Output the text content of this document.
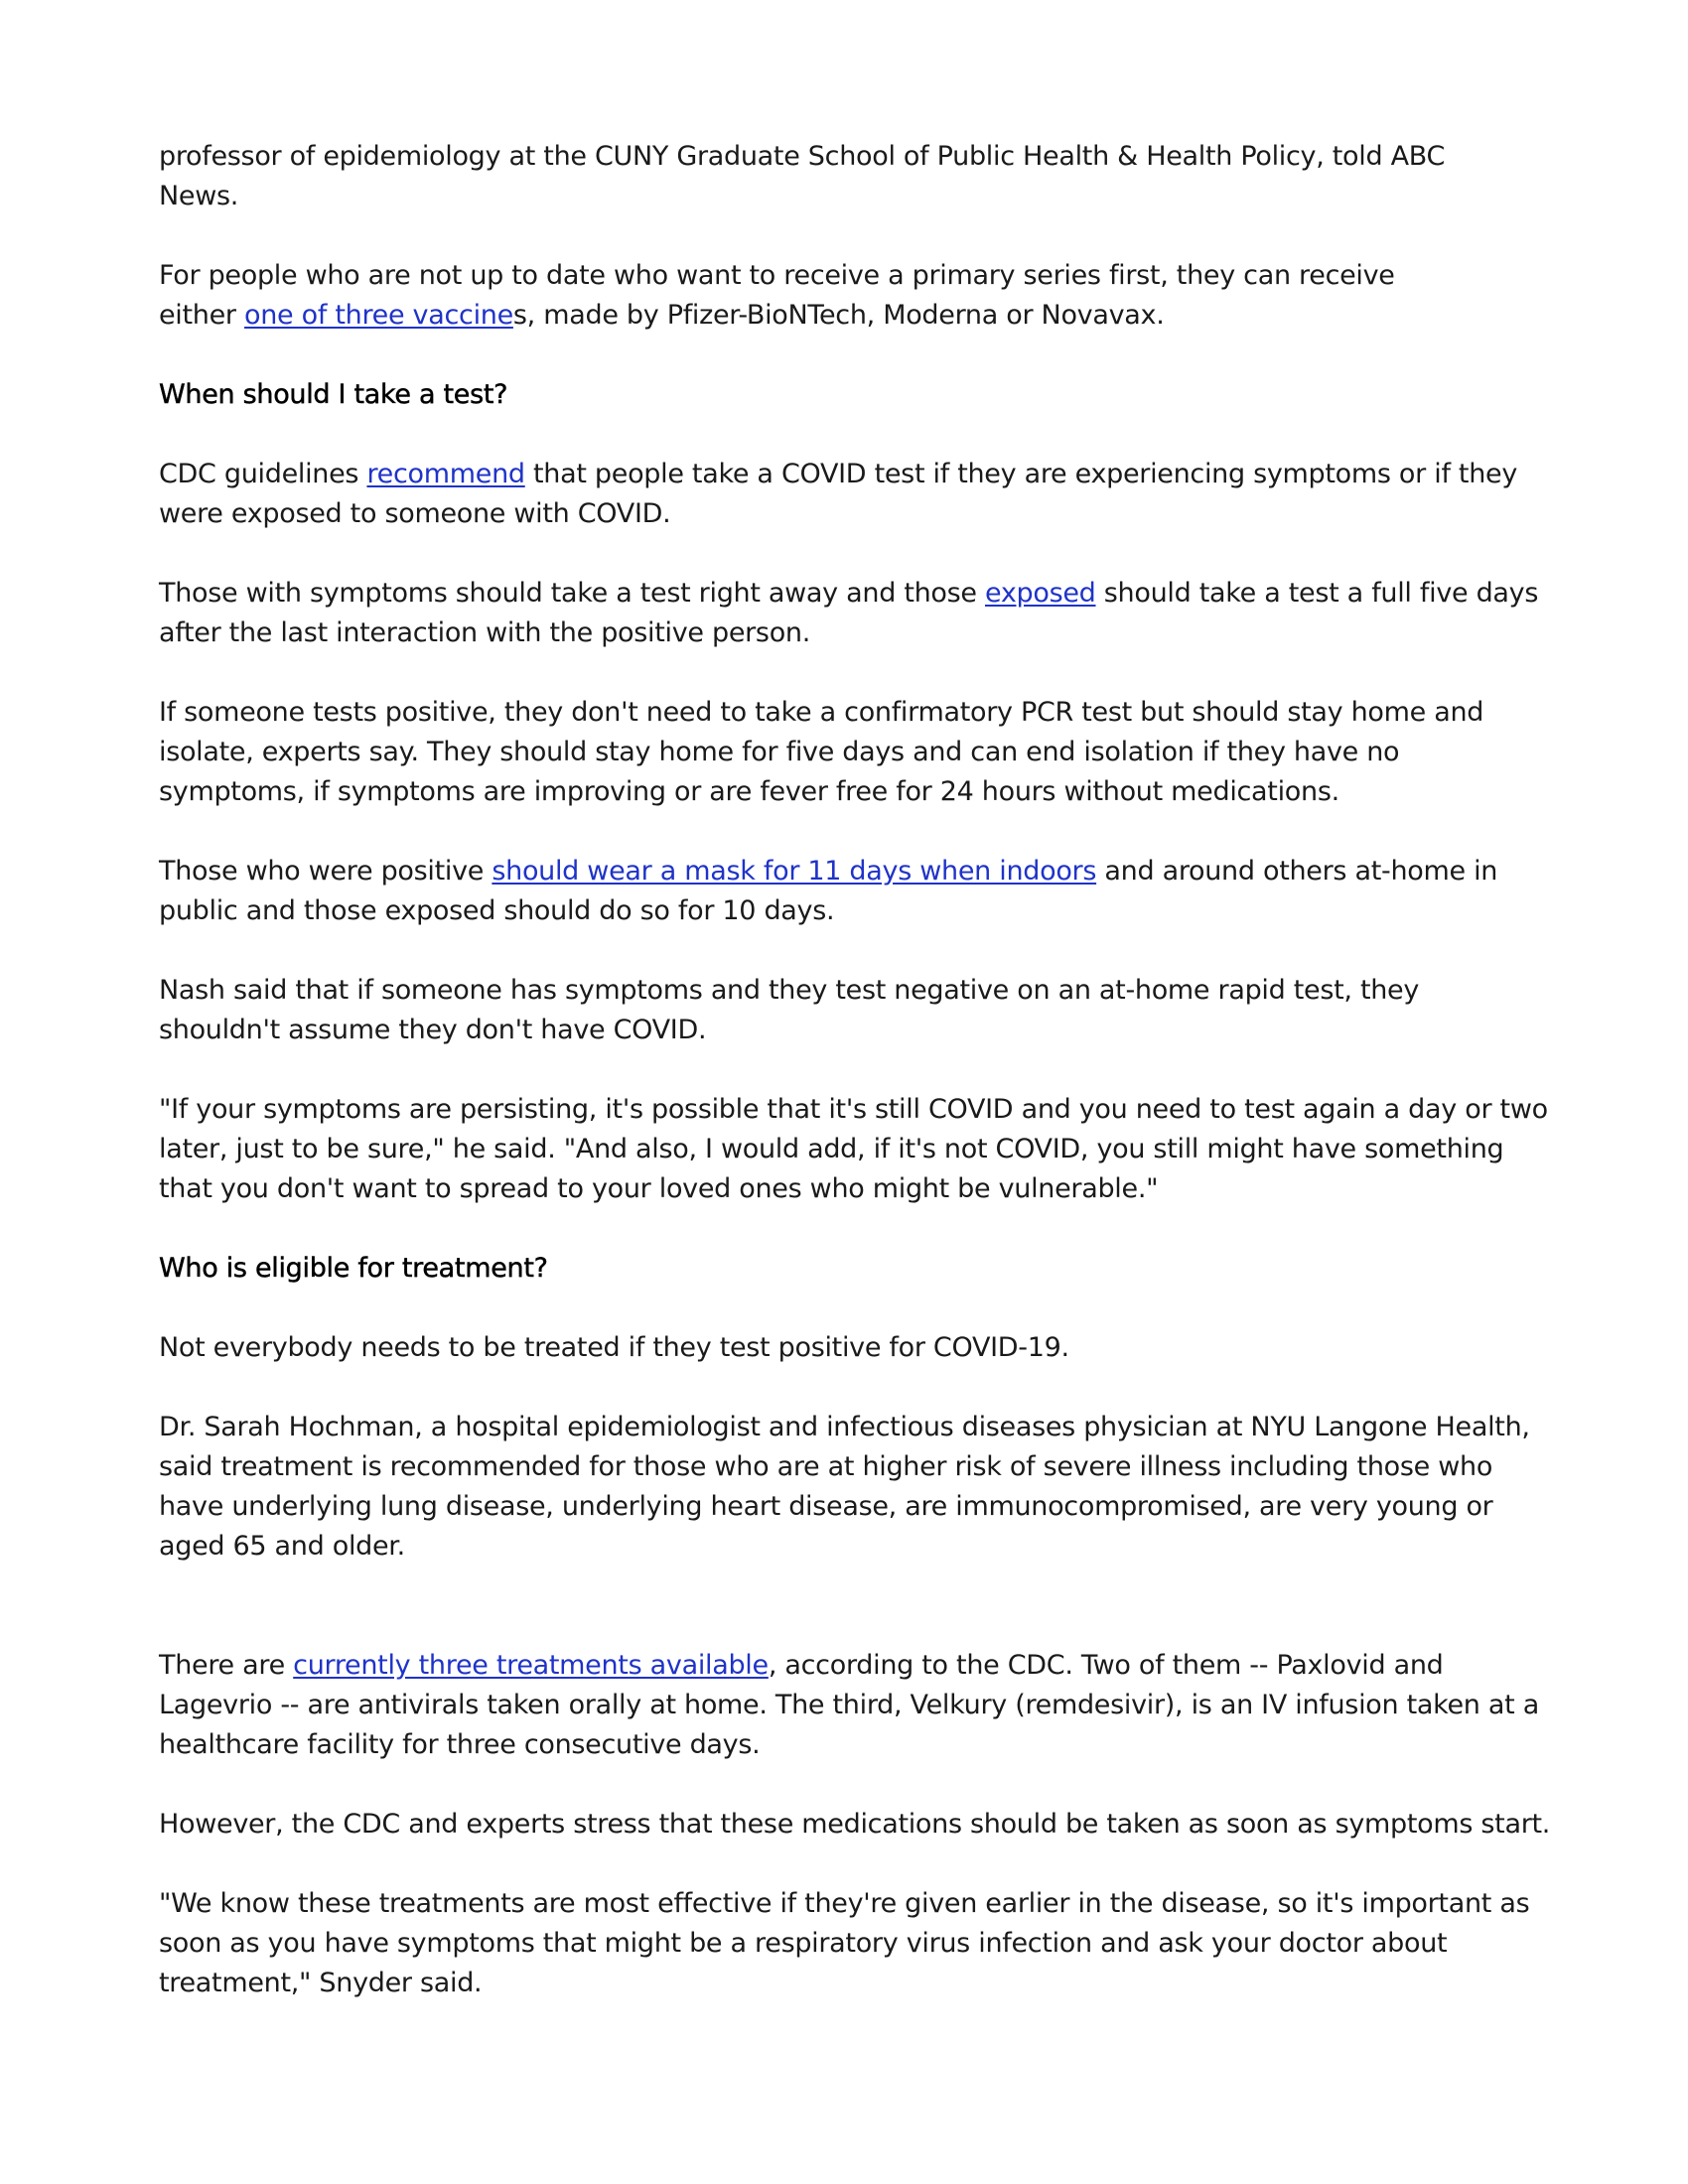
professor of epidemiology at the CUNY Graduate School of Public Health & Health Policy, told ABC
News.

For people who are not up to date who want to receive a primary series first, they can receive
either one of three vaccines, made by Pfizer-BioNTech, Moderna or Novavax.

When should I take a test?

CDC guidelines recommend that people take a COVID test if they are experiencing symptoms or if they
were exposed to someone with COVID.

Those with symptoms should take a test right away and those exposed should take a test a full five days
after the last interaction with the positive person.

If someone tests positive, they don't need to take a confirmatory PCR test but should stay home and
isolate, experts say. They should stay home for five days and can end isolation if they have no
symptoms, if symptoms are improving or are fever free for 24 hours without medications.

Those who were positive should wear a mask for 11 days when indoors and around others at-home in
public and those exposed should do so for 10 days.

Nash said that if someone has symptoms and they test negative on an at-home rapid test, they
shouldn't assume they don't have COVID.

"If your symptoms are persisting, it's possible that it's still COVID and you need to test again a day or two
later, just to be sure," he said. "And also, I would add, if it's not COVID, you still might have something
that you don't want to spread to your loved ones who might be vulnerable."

Who is eligible for treatment?

Not everybody needs to be treated if they test positive for COVID-19.

Dr. Sarah Hochman, a hospital epidemiologist and infectious diseases physician at NYU Langone Health,
said treatment is recommended for those who are at higher risk of severe illness including those who
have underlying lung disease, underlying heart disease, are immunocompromised, are very young or
aged 65 and older.

There are currently three treatments available, according to the CDC. Two of them -- Paxlovid and
Lagevrio -- are antivirals taken orally at home. The third, Velkury (remdesivir), is an IV infusion taken at a
healthcare facility for three consecutive days.

However, the CDC and experts stress that these medications should be taken as soon as symptoms start.

"We know these treatments are most effective if they're given earlier in the disease, so it's important as
soon as you have symptoms that might be a respiratory virus infection and ask your doctor about
treatment," Snyder said.
